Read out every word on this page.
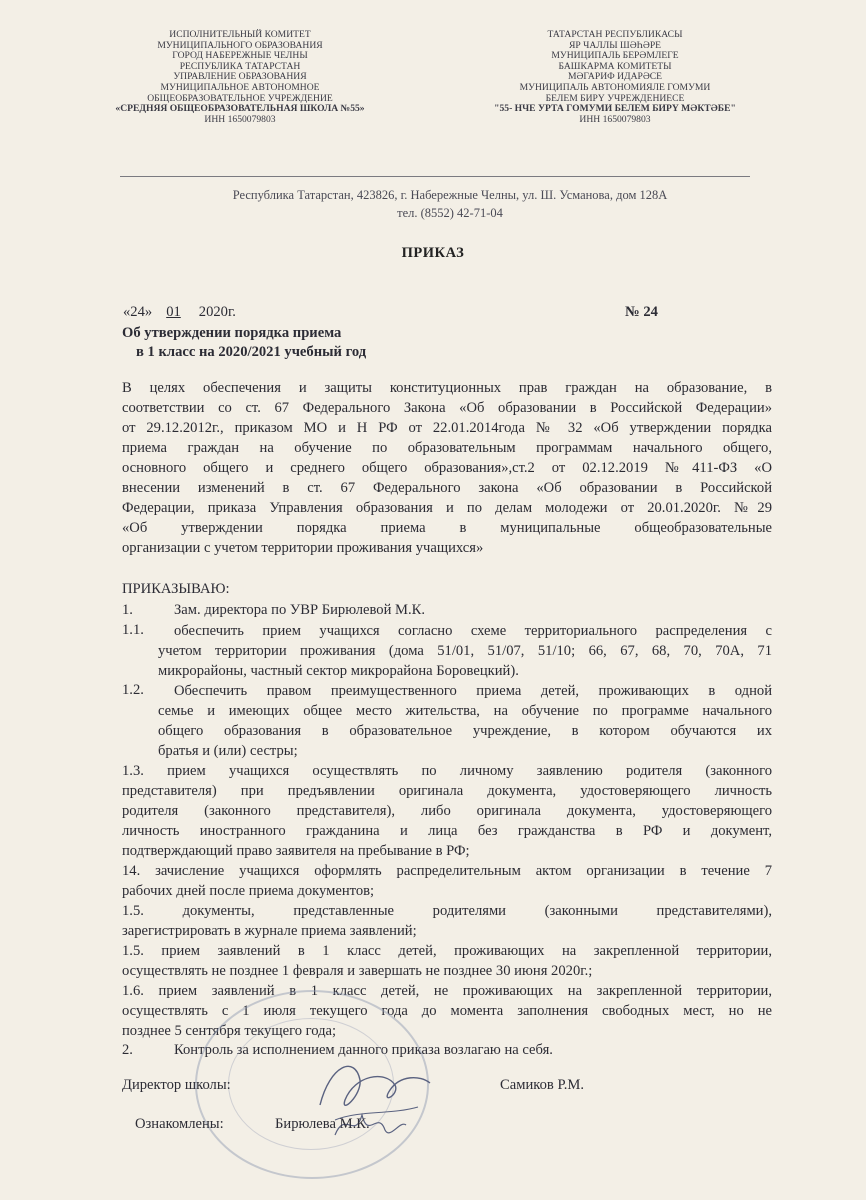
ИСПОЛНИТЕЛЬНЫЙ КОМИТЕТ
МУНИЦИПАЛЬНОГО ОБРАЗОВАНИЯ
ГОРОД НАБЕРЕЖНЫЕ ЧЕЛНЫ
РЕСПУБЛИКА ТАТАРСТАН
УПРАВЛЕНИЕ ОБРАЗОВАНИЯ
МУНИЦИПАЛЬНОЕ АВТОНОМНОЕ
ОБЩЕОБРАЗОВАТЕЛЬНОЕ УЧРЕЖДЕНИЕ
«СРЕДНЯЯ ОБЩЕОБРАЗОВАТЕЛЬНАЯ ШКОЛА №55»
ИНН 1650079803
ТАТАРСТАН РЕСПУБЛИКАСЫ
ЯР ЧАЛЛЫ ШӘҺӘРЕ
МУНИЦИПАЛЬ БЕРӘМЛЕГЕ
БАШКАРМА КОМИТЕТЫ
МӘГАРИФ ИДАРӘСЕ
МУНИЦИПАЛЬ АВТОНОМИЯЛЕ ГОМУМИ
БЕЛЕМ БИРҮ УЧРЕЖДЕНИЕСЕ
"55- НЧЕ УРТА ГОМУМИ БЕЛЕМ БИРҮ МӘКТӘБЕ"
ИНН 1650079803
Республика Татарстан, 423826, г. Набережные Челны, ул. Ш. Усманова, дом 128А
тел. (8552) 42-71-04
ПРИКАЗ
«24» 01 2020г.	№ 24
Об утверждении порядка приема
в 1 класс на 2020/2021 учебный год
В целях обеспечения и защиты конституционных прав граждан на образование, в
соответствии со ст. 67 Федерального Закона «Об образовании в Российской Федерации»
от 29.12.2012г., приказом МО и Н РФ от 22.01.2014года № 32 «Об утверждении порядка
приема граждан на обучение по образовательным программам начального общего,
основного общего и среднего общего образования»,ст.2 от 02.12.2019 №411-ФЗ «О
внесении изменений в ст. 67 Федерального закона «Об образовании в Российской
Федерации, приказа Управления образования и по делам молодежи от 20.01.2020г. №29
«Об утверждении порядка приема в муниципальные общеобразовательные
организации с учетом территории проживания учащихся»
ПРИКАЗЫВАЮ:
1.	Зам. директора по УВР Бирюлевой М.К.
1.1. обеспечить прием учащихся согласно схеме территориального распределения с
учетом территории проживания (дома 51/01, 51/07, 51/10; 66, 67, 68, 70, 70А, 71
микрорайоны, частный сектор микрорайона Боровецкий).
1.2. Обеспечить правом преимущественного приема детей, проживающих в одной
семье и имеющих общее место жительства, на обучение по программе начального
общего образования в образовательное учреждение, в котором обучаются их
братья и (или) сестры;
1.3. прием учащихся осуществлять по личному заявлению родителя (законного
представителя) при предъявлении оригинала документа, удостоверяющего личность
родителя (законного представителя), либо оригинала документа, удостоверяющего
личность иностранного гражданина и лица без гражданства в РФ и документ,
подтверждающий право заявителя на пребывание в РФ;
14. зачисление учащихся оформлять распределительным актом организации в течение 7
рабочих дней после приема документов;
1.5. документы, представленные родителями (законными представителями),
зарегистрировать в журнале приема заявлений;
1.5. прием заявлений в 1 класс детей, проживающих на закрепленной территории,
осуществлять не позднее 1 февраля и завершать не позднее 30 июня 2020г.;
1.6. прием заявлений в 1 класс детей, не проживающих на закрепленной территории,
осуществлять с 1 июля текущего года до момента заполнения свободных мест, но не
позднее 5 сентября текущего года;
2.	Контроль за исполнением данного приказа возлагаю на себя.
Директор школы:	Самиков Р.М.
Ознакомлены:	Бирюлева М.К.
